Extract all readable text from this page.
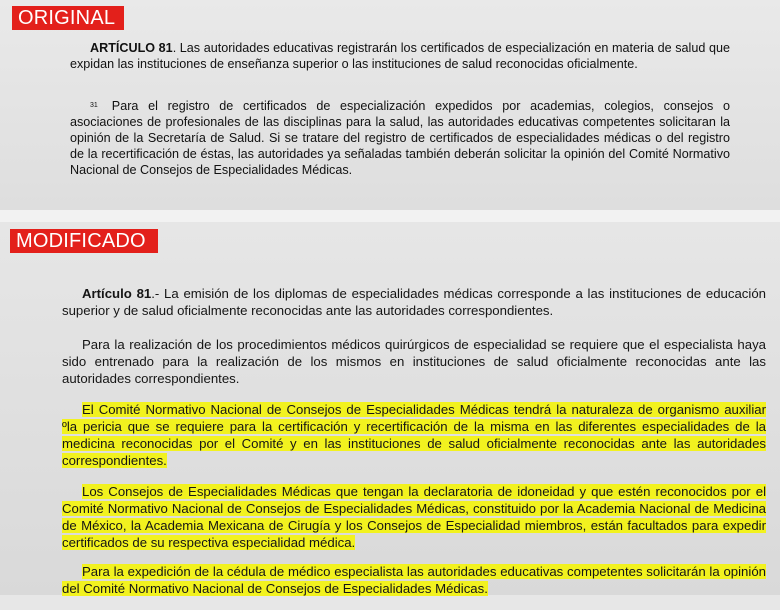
ORIGINAL
MODIFICADO

ARTÍCULO 81. Las autoridades educativas registrarán los certificados de especialización en materia de salud que expidan las instituciones de enseñanza superior o las instituciones de salud reconocidas oficialmente.

$^{31}$ Para el registro de certificados de especialización expedidos por academias, colegios, consejos o asociaciones de profesionales de las disciplinas para la salud, las autoridades educativas competentes solicitaran la opinión de la Secretaría de Salud. Si se tratare del registro de certificados de especialidades médicas o del registro de la recertificación de éstas, las autoridades ya señaladas también deberán solicitar la opinión del Comité Normativo Nacional de Consejos de Especialidades Médicas.

Artículo 81.- La emisión de los diplomas de especialidades médicas corresponde a las instituciones de educación superior y de salud oficialmente reconocidas ante las autoridades correspondientes.

Para la realización de los procedimientos médicos quirúrgicos de especialidad se requiere que el especialista haya sido entrenado para la realización de los mismos en instituciones de salud oficialmente reconocidas ante las autoridades correspondientes.

El Comité Normativo Nacional de Consejos de Especialidades Médicas tendrá la naturaleza de organismo auxiliar ºla pericia que se requiere para la certificación y recertificación de la misma en las diferentes especialidades de la medicina reconocidas por el Comité y en las instituciones de salud oficialmente reconocidas ante las autoridades correspondientes.

Los Consejos de Especialidades Médicas que tengan la declaratoria de idoneidad y que estén reconocidos por el Comité Normativo Nacional de Consejos de Especialidades Médicas, constituido por la Academia Nacional de Medicina de México, la Academia Mexicana de Cirugía y los Consejos de Especialidad miembros, están facultados para expedir certificados de su respectiva especialidad médica.

Para la expedición de la cédula de médico especialista las autoridades educativas competentes solicitarán la opinión del Comité Normativo Nacional de Consejos de Especialidades Médicas.
